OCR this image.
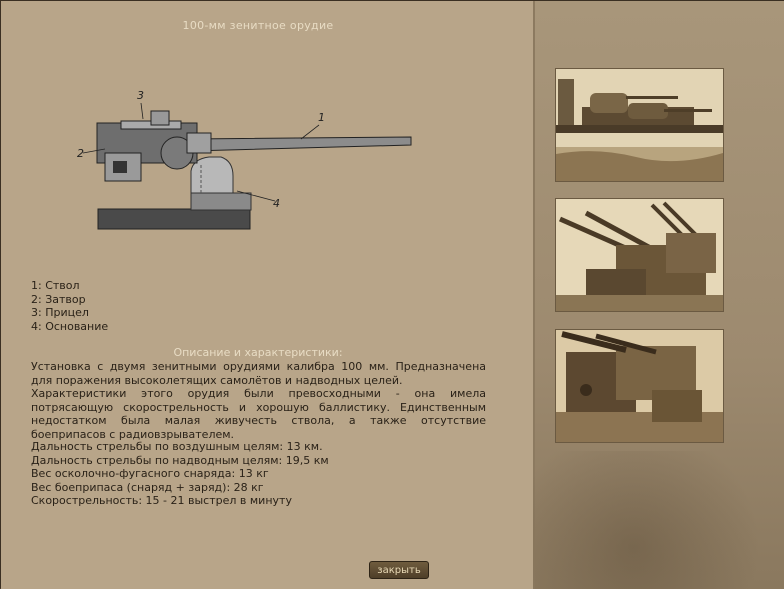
100-мм зенитное орудие
1
2
3
4
1: Ствол
2: Затвор
3: Прицел
4: Основание
Описание и характеристики:

Установка с двумя зенитными орудиями калибра 100 мм. Предназначена для поражения высоколетящих самолётов и надводных целей.

Характеристики этого орудия были превосходными - она имела потрясающую скорострельность и хорошую баллистику. Единственным недостатком была малая живучесть ствола, а также отсутствие боеприпасов с радиовзрывателем.

Дальность стрельбы по воздушным целям: 13 км.
Дальность стрельбы по надводным целям: 19,5 км
Вес осколочно-фугасного снаряда: 13 кг
Вес боеприпаса (снаряд + заряд): 28 кг
Скорострельность: 15 - 21 выстрел в минуту
закрыть
